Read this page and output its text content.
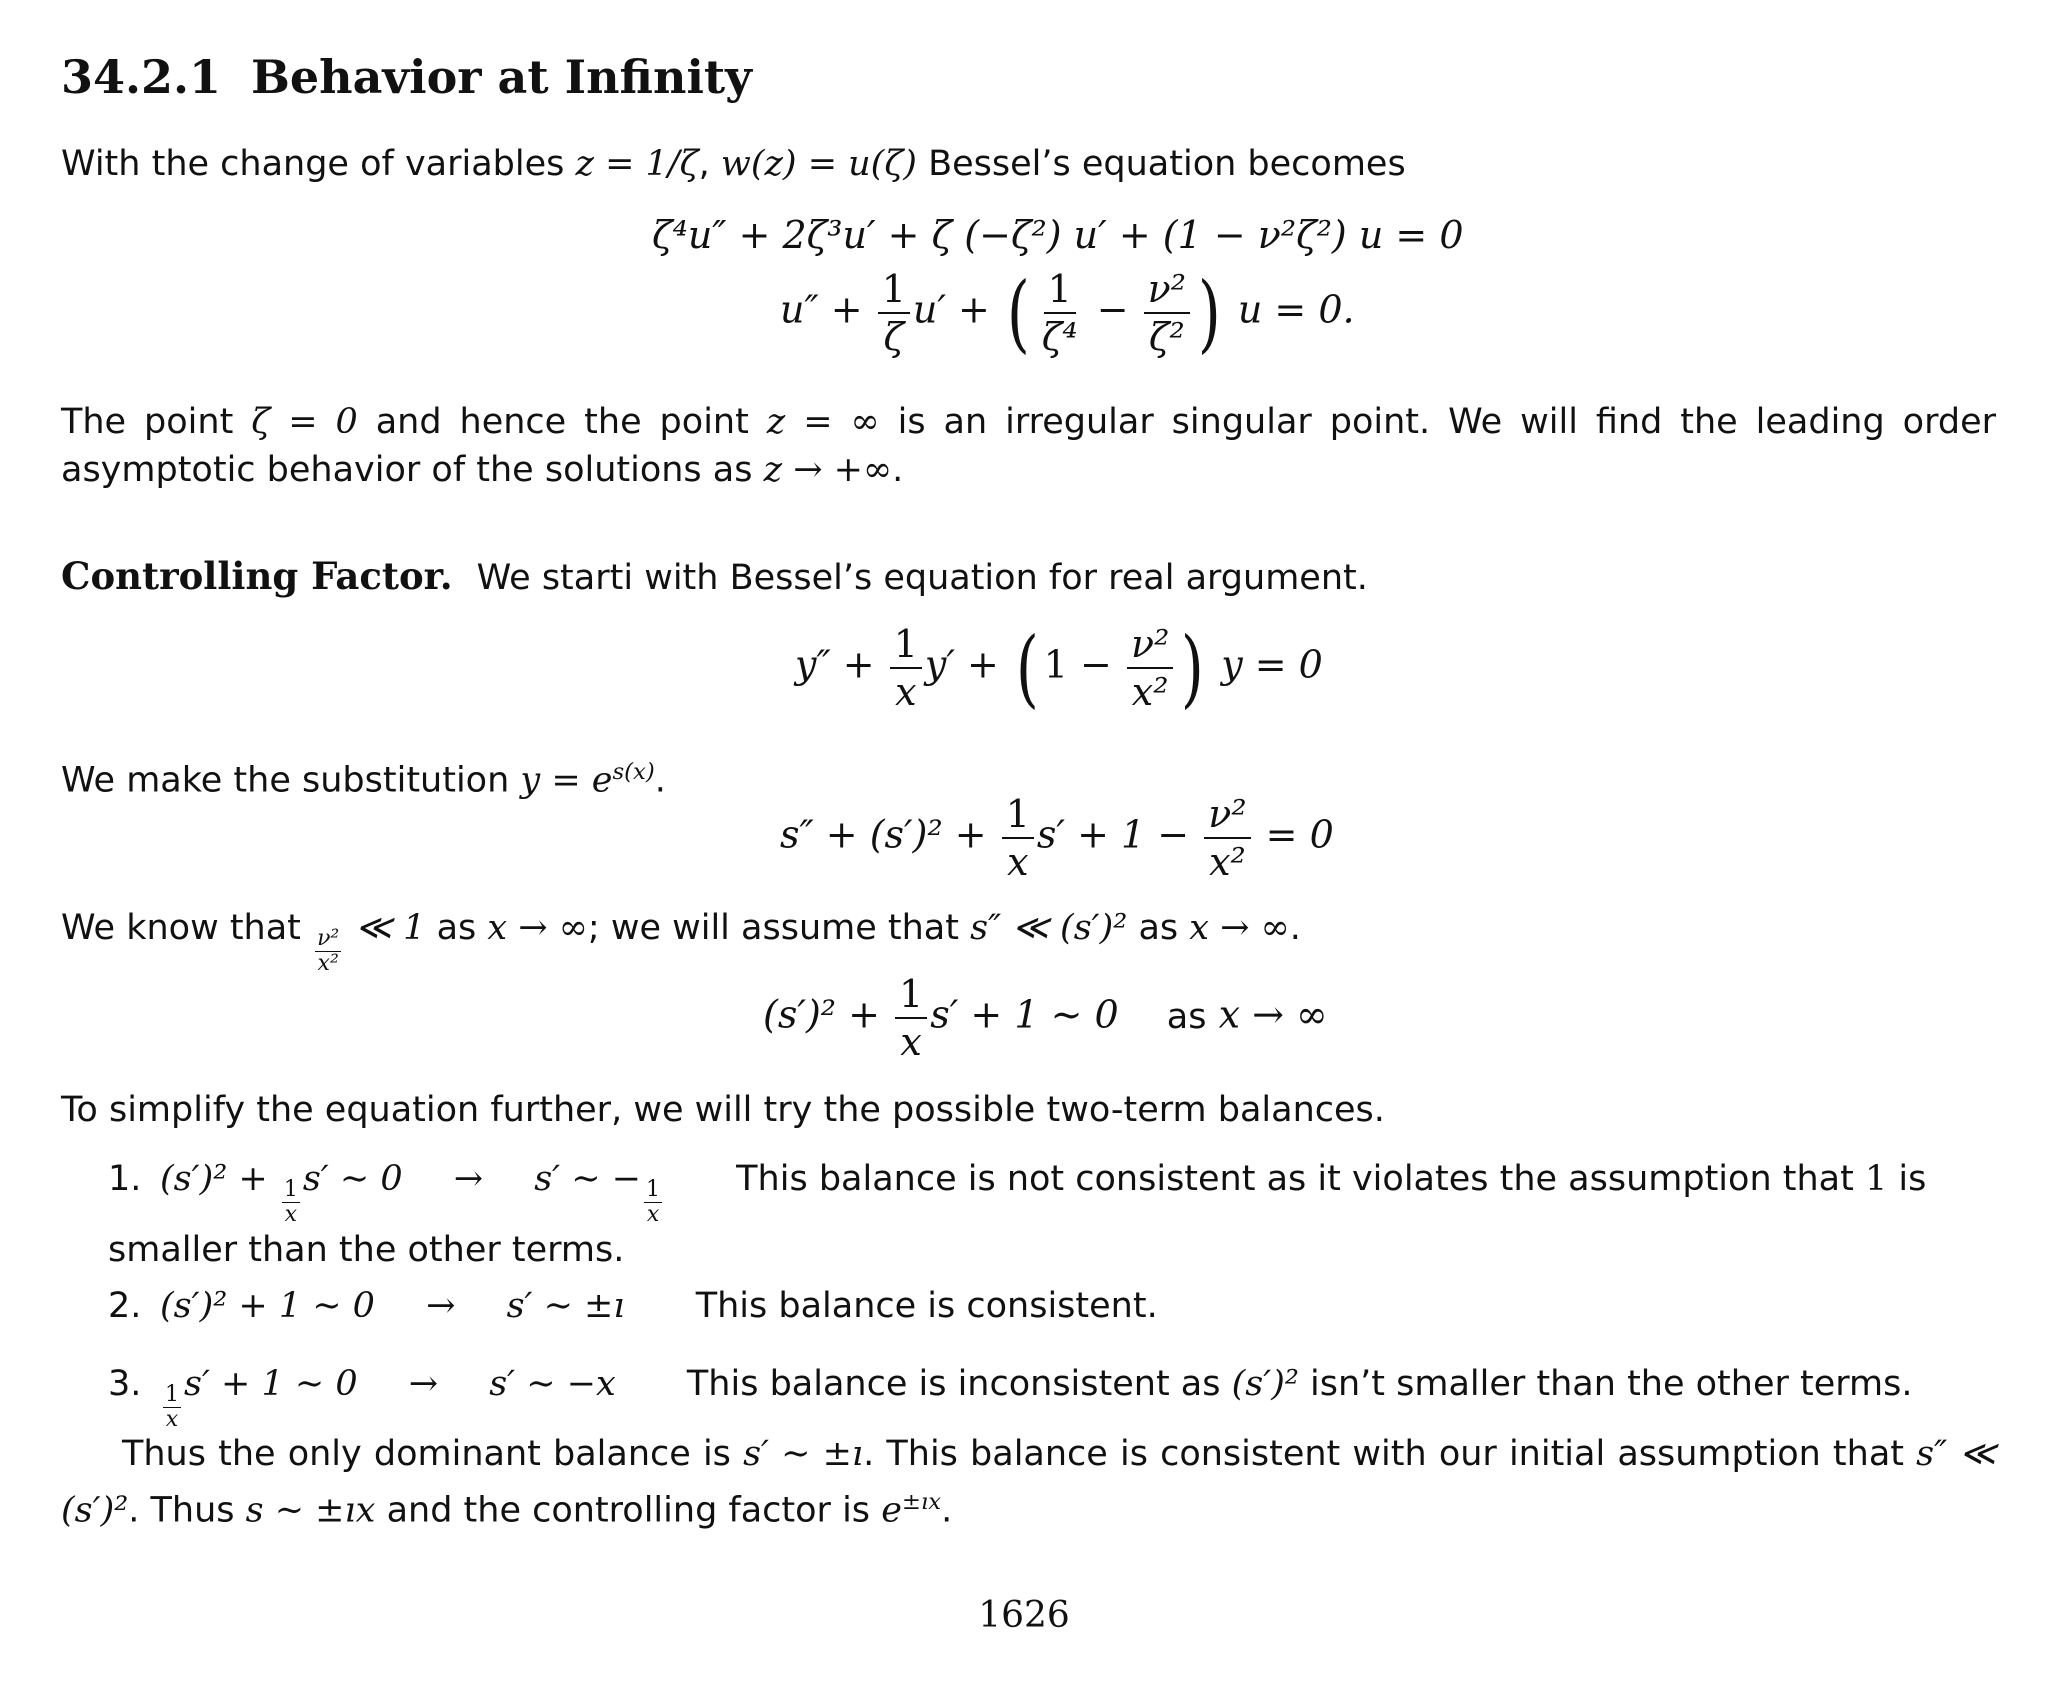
34.2.1 Behavior at Infinity
With the change of variables z = 1/ζ, w(z) = u(ζ) Bessel’s equation becomes
ζ⁴u″ + 2ζ³u′ + ζ (−ζ²) u′ + (1 − ν²ζ²) u = 0
$u'' + \frac{1}{\zeta} u'$ + ( $\frac{1}{\text{ζ⁴}} - \frac{\text{ν²}}{\text{ζ²}}$ ) u = 0.
The point ζ = 0 and hence the point z = ∞ is an irregular singular point. We will find the leading order asymptotic behavior of the solutions as z → +∞.
Controlling Factor. We starti with Bessel’s equation for real argument.
$y'' + \frac{1}{x} y'$ + ( $1 - \frac{\text{ν²}}{\text{x²}}$ ) y = 0
We make the substitution $y = e^{s(x)}$.
$s'' + (s')^2 + \frac{1}{x} s' + 1 - \frac{\text{ν²}}{\text{x²}} = 0$
We know that $\frac{\text{ν²}}{\text{x²}}$ ≪ 1 as x → ∞; we will assume that s″ ≪ (s′)² as x → ∞.
$(s')^2 + \frac{1}{x} s' + 1$ ∼ 0 as x → ∞
To simplify the equation further, we will try the possible two-term balances.
1. $(s')^2 + \frac{1}{x} s'$ ∼ 0 → s′ ∼ − $\frac{1}{x}$ This balance is not consistent as it violates the assumption that 1 is smaller than the other terms.
2. (s′)² + 1 ∼ 0 → s′ ∼ ±ı This balance is consistent.
3. $\frac{1}{x} s' + 1$ ∼ 0 → s′ ∼ −x This balance is inconsistent as (s′)² isn’t smaller than the other terms.
Thus the only dominant balance is s′ ∼ ±ı. This balance is consistent with our initial assumption that s″ ≪ (s′)². Thus s ∼ ±ıx and the controlling factor is $e^{\pm ıx}$.
1626
